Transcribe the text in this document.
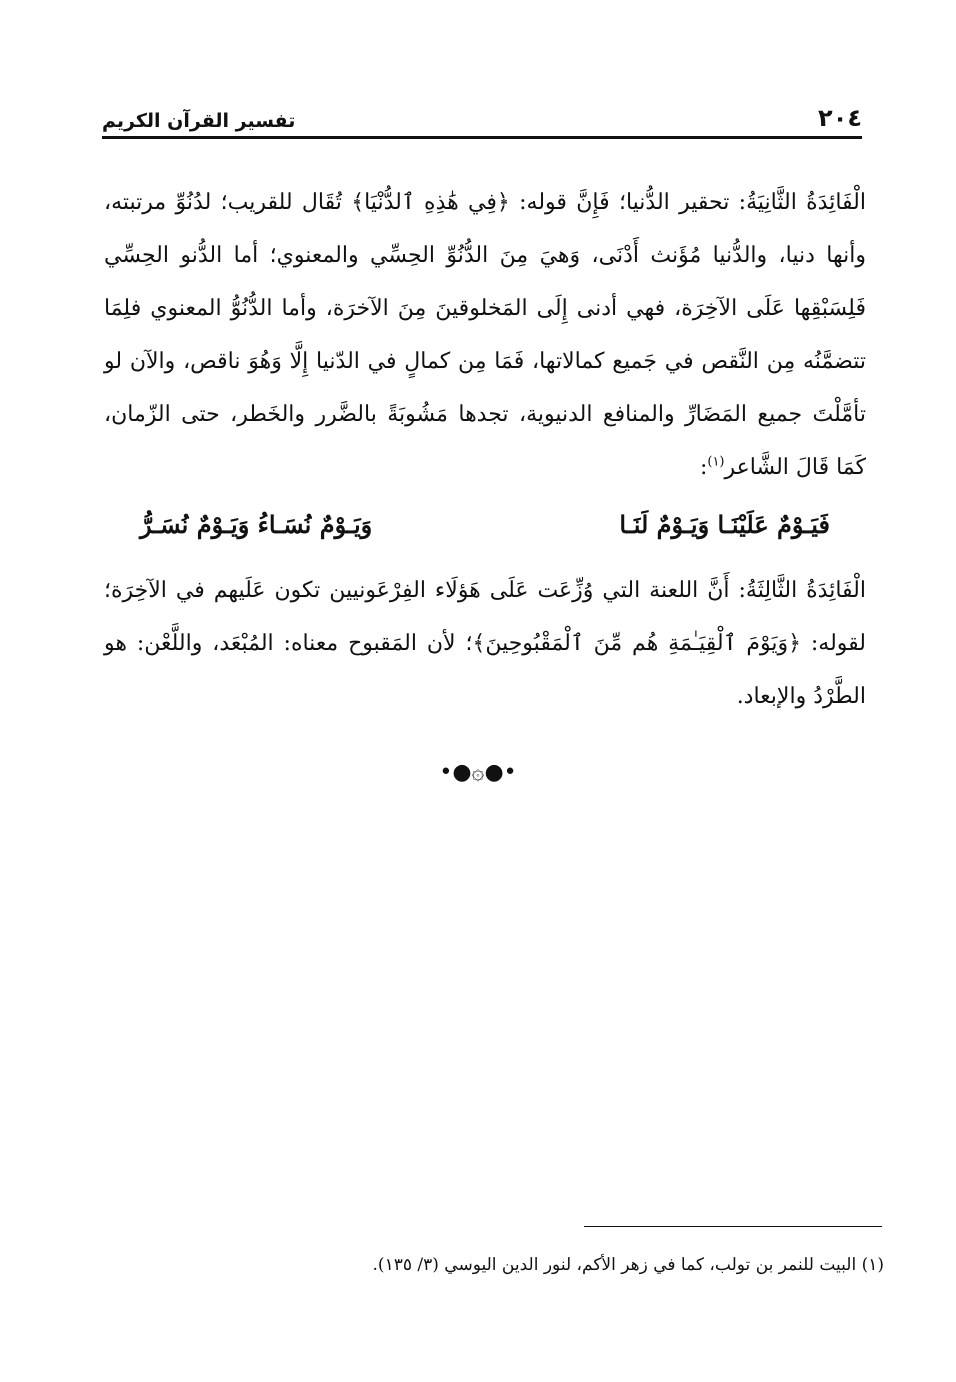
٢٠٤
تفسير القرآن الكريم

الْفَائِدَةُ الثَّانِيَةُ: تحقير الدُّنيا؛ فَإِنَّ قوله: ﴿فِي هَٰذِهِ ٱلدُّنْيَا﴾ تُقَال للقريب؛ لدُنُوِّ مرتبته، وأنها دنيا، والدُّنيا مُؤَنث أَدْنَى، وَهيَ مِنَ الدُّنُوِّ الحِسِّي والمعنوي؛ أما الدُّنو الحِسِّي فَلِسَبْقِها عَلَى الآخِرَة، فهي أدنى إِلَى المَخلوقينَ مِنَ الآخرَة، وأما الدُّنُوُّ المعنوي فلِمَا تتضمَّنُه مِن النَّقص في جَميع كمالاتها، فَمَا مِن كمالٍ في الدّنيا إِلَّا وَهُوَ ناقص، والآن لو تأمَّلْتَ جميع المَضَارِّ والمنافع الدنيوية، تجدها مَشُوبَةً بالضَّرر والخَطر، حتى الزّمان، كَمَا قَالَ الشَّاعر$^{(١)}$:

فَيَـوْمٌ عَلَيْنَـا وَيَـوْمٌ لَنَـا
وَيَـوْمٌ نُسَـاءُ وَيَـوْمٌ نُسَـرُّ

الْفَائِدَةُ الثَّالِثَةُ: أَنَّ اللعنة التي وُزِّعَت عَلَى هَؤلَاء الفِرْعَونيين تكون عَلَيهم في الآخِرَة؛ لقوله: ﴿وَيَوْمَ ٱلْقِيَـٰمَةِ هُم مِّنَ ٱلْمَقْبُوحِينَ﴾؛ لأن المَقبوح معناه: المُبْعَد، واللَّعْن: هو الطَّرْدُ والإبعاد.

•●۞●•
(١) البيت للنمر بن تولب، كما في زهر الأكم، لنور الدين اليوسي (٣/ ١٣٥).
